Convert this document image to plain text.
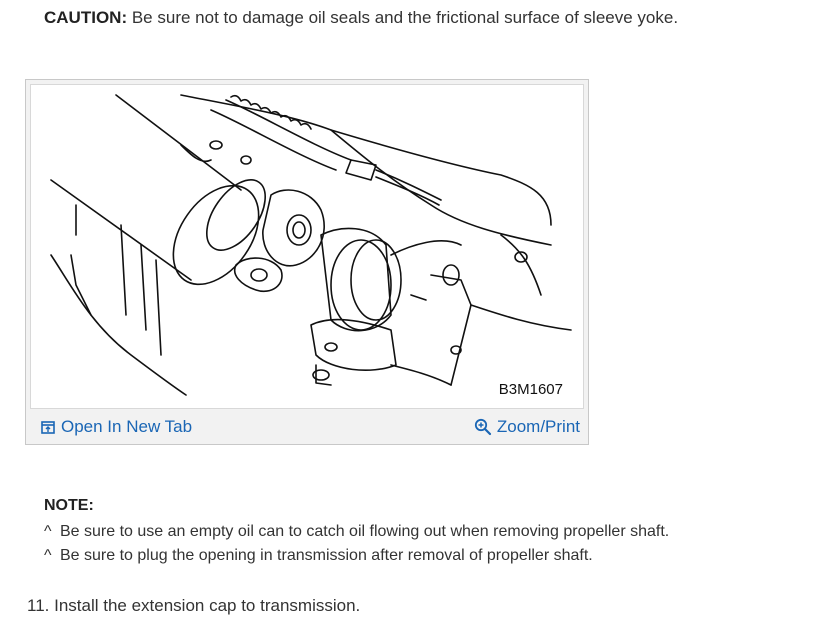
CAUTION: Be sure not to damage oil seals and the frictional surface of sleeve yoke.
B3M1607
Open In New Tab	Zoom/Print
NOTE:
^ Be sure to use an empty oil can to catch oil flowing out when removing propeller shaft.
^ Be sure to plug the opening in transmission after removal of propeller shaft.
11. Install the extension cap to transmission.
